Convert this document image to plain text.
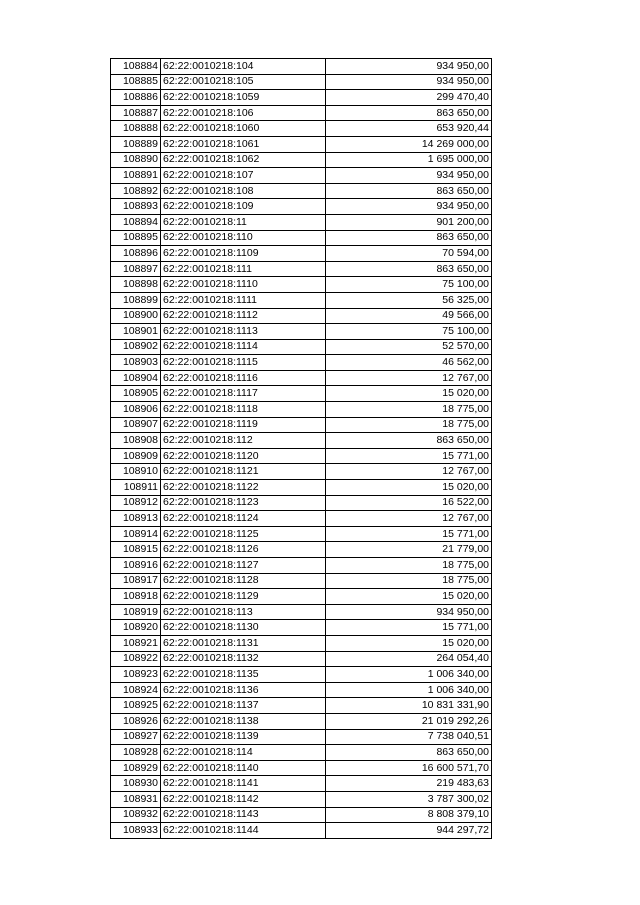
108884	62:22:0010218:104	934 950,00
108885	62:22:0010218:105	934 950,00
108886	62:22:0010218:1059	299 470,40
108887	62:22:0010218:106	863 650,00
108888	62:22:0010218:1060	653 920,44
108889	62:22:0010218:1061	14 269 000,00
108890	62:22:0010218:1062	1 695 000,00
108891	62:22:0010218:107	934 950,00
108892	62:22:0010218:108	863 650,00
108893	62:22:0010218:109	934 950,00
108894	62:22:0010218:11	901 200,00
108895	62:22:0010218:110	863 650,00
108896	62:22:0010218:1109	70 594,00
108897	62:22:0010218:111	863 650,00
108898	62:22:0010218:1110	75 100,00
108899	62:22:0010218:1111	56 325,00
108900	62:22:0010218:1112	49 566,00
108901	62:22:0010218:1113	75 100,00
108902	62:22:0010218:1114	52 570,00
108903	62:22:0010218:1115	46 562,00
108904	62:22:0010218:1116	12 767,00
108905	62:22:0010218:1117	15 020,00
108906	62:22:0010218:1118	18 775,00
108907	62:22:0010218:1119	18 775,00
108908	62:22:0010218:112	863 650,00
108909	62:22:0010218:1120	15 771,00
108910	62:22:0010218:1121	12 767,00
108911	62:22:0010218:1122	15 020,00
108912	62:22:0010218:1123	16 522,00
108913	62:22:0010218:1124	12 767,00
108914	62:22:0010218:1125	15 771,00
108915	62:22:0010218:1126	21 779,00
108916	62:22:0010218:1127	18 775,00
108917	62:22:0010218:1128	18 775,00
108918	62:22:0010218:1129	15 020,00
108919	62:22:0010218:113	934 950,00
108920	62:22:0010218:1130	15 771,00
108921	62:22:0010218:1131	15 020,00
108922	62:22:0010218:1132	264 054,40
108923	62:22:0010218:1135	1 006 340,00
108924	62:22:0010218:1136	1 006 340,00
108925	62:22:0010218:1137	10 831 331,90
108926	62:22:0010218:1138	21 019 292,26
108927	62:22:0010218:1139	7 738 040,51
108928	62:22:0010218:114	863 650,00
108929	62:22:0010218:1140	16 600 571,70
108930	62:22:0010218:1141	219 483,63
108931	62:22:0010218:1142	3 787 300,02
108932	62:22:0010218:1143	8 808 379,10
108933	62:22:0010218:1144	944 297,72
